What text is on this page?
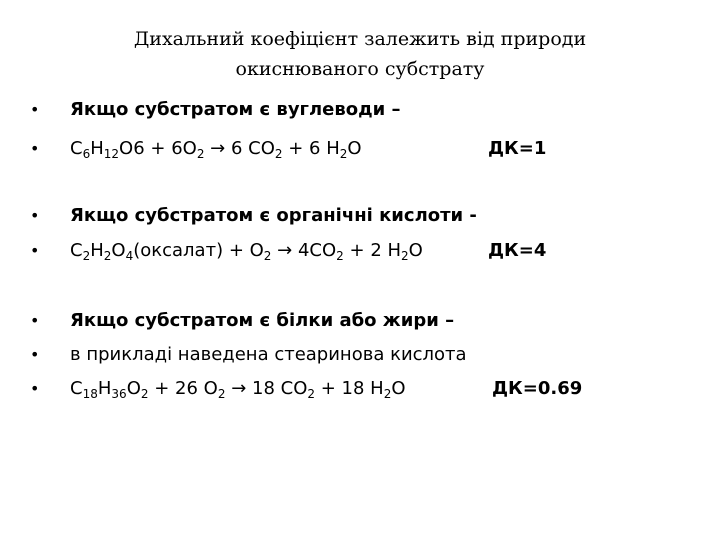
Дихальний коефіцієнт залежить від природи
окиснюваного субстрату
• Якщо субстратом є вуглеводи –
• $C_6H_{12}O6 + 6O_2 \to 6$ $CO_2 + 6$ $H_2O$	ДК=1
• Якщо субстратом є органічні кислоти -
• $C_2H_2O_4(оксалат) + O_2 \to 4CO_2 + 2$ $H_2O$	ДК=4
• Якщо субстратом є білки або жири –
• в прикладі наведена стеаринова кислота
• $C_{18}H_{36}O_2 + 26$ $O_2 \to 18$ $CO_2 + 18$ $H_2O$	ДК=0.69
